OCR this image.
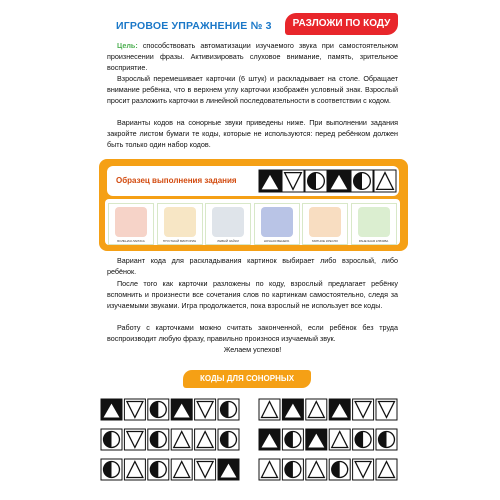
ИГРОВОЕ УПРАЖНЕНИЕ № 3	РАЗЛОЖИ ПО КОДУ

Цель: способствовать автоматизации изучаемого звука при самостоятельном произнесении фразы. Активизировать слуховое внимание, память, зрительное восприятие.

Взрослый перемешивает карточки (6 штук) и раскладывает на столе. Обращает внимание ребёнка, что в верхнем углу карточки изображён условный знак. Взрослый просит разложить карточки в линейной последовательности в соответствии с кодом.

Варианты кодов на сонорные звуки приведены ниже. При выполнении задания закройте листом бумаги те коды, которые не используются: перед ребёнком должен быть только один набор кодов.

Образец выполнения задания
БОЛЬНАЯ ЛАРИСА	ГРУСТНЫЙ ВИКТОРИН	ЛЕВЫЙ ЗАЙКИ	НОЧНАЯ ВЕНЕРА	МЯТНОЕ КРЕСЛО	РАНЕЧНАЯ КЛЮКВА

Вариант кода для раскладывания картинок выбирает либо взрослый, либо ребёнок.

После того как карточки разложены по коду, взрослый предлагает ребёнку вспомнить и произнести все сочетания слов по картинкам самостоятельно, следя за изучаемыми звуками. Игра продолжается, пока взрослый не использует все коды.

Работу с карточками можно считать законченной, если ребёнок без труда воспроизводит любую фразу, правильно произнося изучаемый звук.

Желаем успехов!
КОДЫ ДЛЯ СОНОРНЫХ
